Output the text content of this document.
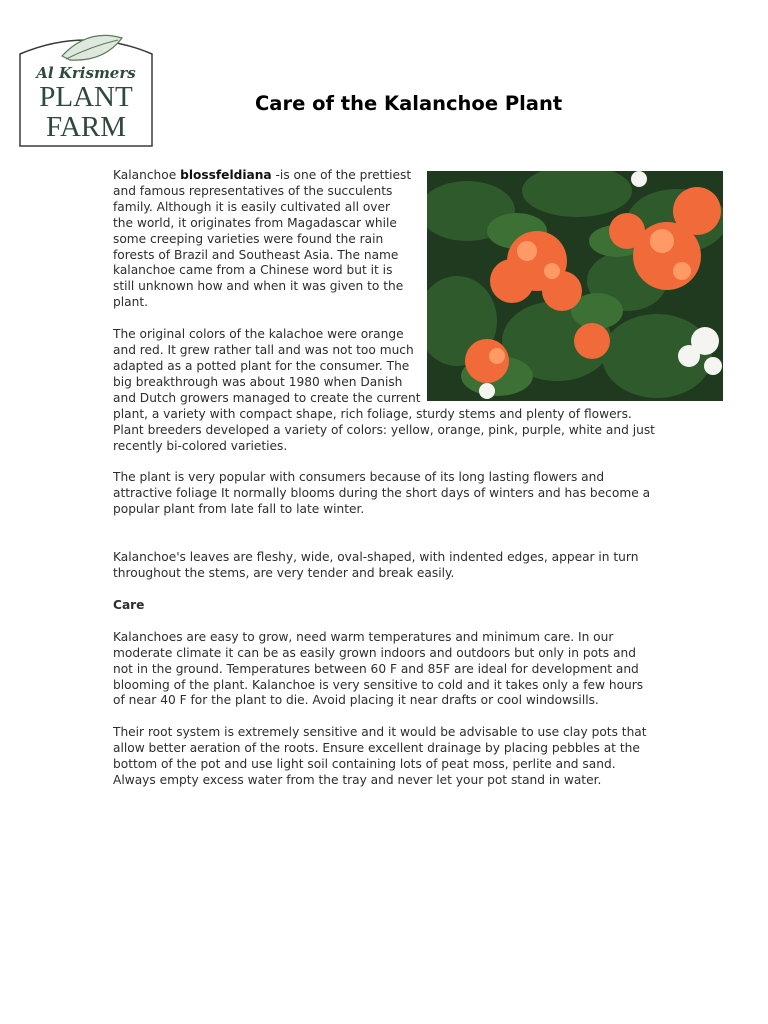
Al Krismers
PLANT
FARM
Care of the Kalanchoe Plant

Kalanchoe blossfeldiana -is one of the prettiest and famous representatives of the succulents family. Although it is easily cultivated all over the world, it originates from Magadascar while some creeping varieties were found the rain forests of Brazil and Southeast Asia. The name kalanchoe came from a Chinese word but it is still unknown how and when it was given to the plant.

The original colors of the kalachoe were orange and red. It grew rather tall and was not too much adapted as a potted plant for the consumer. The big breakthrough was about 1980 when Danish and Dutch growers managed to create the current plant, a variety with compact shape, rich foliage, sturdy stems and plenty of flowers. Plant breeders developed a variety of colors: yellow, orange, pink, purple, white and just recently bi-colored varieties.

The plant is very popular with consumers because of its long lasting flowers and attractive foliage It normally blooms during the short days of winters and has become a popular plant from late fall to late winter.

Kalanchoe's leaves are fleshy, wide, oval-shaped, with indented edges, appear in turn throughout the stems, are very tender and break easily.

Care

Kalanchoes are easy to grow, need warm temperatures and minimum care. In our moderate climate it can be as easily grown indoors and outdoors but only in pots and not in the ground. Temperatures between 60 F and 85F are ideal for development and blooming of the plant. Kalanchoe is very sensitive to cold and it takes only a few hours of near 40 F for the plant to die. Avoid placing it near drafts or cool windowsills.

Their root system is extremely sensitive and it would be advisable to use clay pots that allow better aeration of the roots. Ensure excellent drainage by placing pebbles at the bottom of the pot and use light soil containing lots of peat moss, perlite and sand. Always empty excess water from the tray and never let your pot stand in water.
